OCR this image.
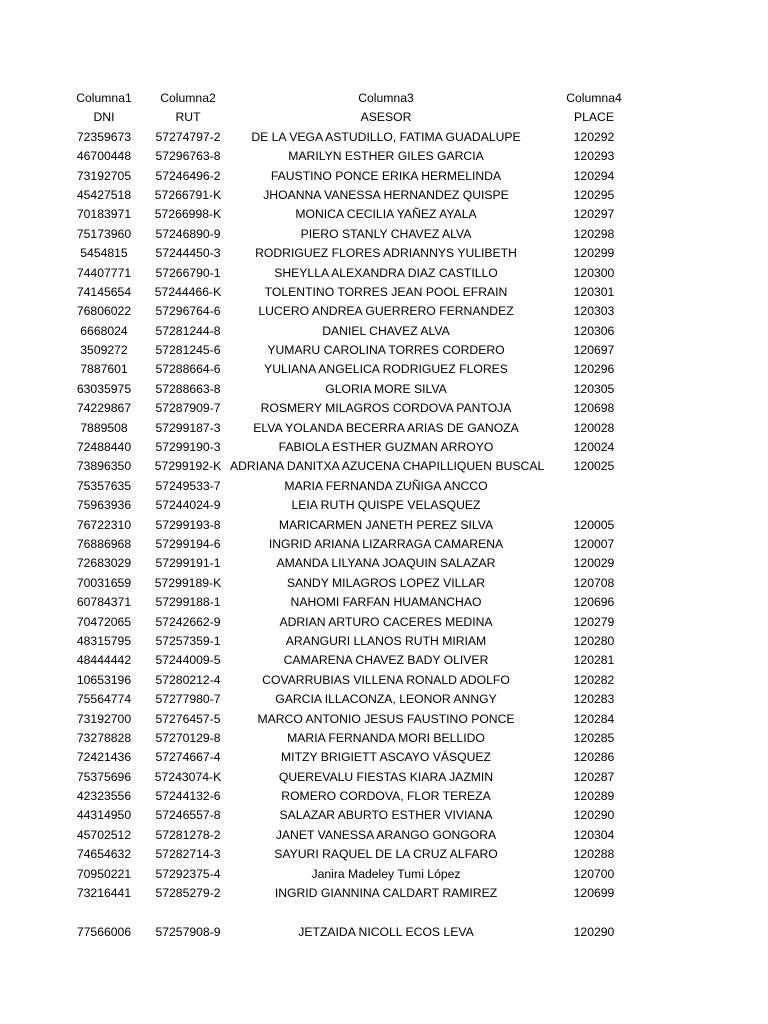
Columna1	Columna2	Columna3	Columna4
DNI	RUT	ASESOR	PLACE
72359673	57274797-2	DE LA VEGA ASTUDILLO, FATIMA GUADALUPE	120292
46700448	57296763-8	MARILYN ESTHER GILES GARCIA	120293
73192705	57246496-2	FAUSTINO PONCE ERIKA HERMELINDA	120294
45427518	57266791-K	JHOANNA VANESSA HERNANDEZ QUISPE	120295
70183971	57266998-K	MONICA CECILIA YAÑEZ AYALA	120297
75173960	57246890-9	PIERO STANLY CHAVEZ ALVA	120298
5454815	57244450-3	RODRIGUEZ FLORES ADRIANNYS YULIBETH	120299
74407771	57266790-1	SHEYLLA ALEXANDRA DIAZ CASTILLO	120300
74145654	57244466-K	TOLENTINO TORRES JEAN POOL EFRAIN	120301
76806022	57296764-6	LUCERO ANDREA GUERRERO FERNANDEZ	120303
6668024	57281244-8	DANIEL CHAVEZ ALVA	120306
3509272	57281245-6	YUMARU CAROLINA TORRES CORDERO	120697
7887601	57288664-6	YULIANA ANGELICA RODRIGUEZ FLORES	120296
63035975	57288663-8	GLORIA MORE SILVA	120305
74229867	57287909-7	ROSMERY MILAGROS CORDOVA PANTOJA	120698
7889508	57299187-3	ELVA YOLANDA BECERRA ARIAS DE GANOZA	120028
72488440	57299190-3	FABIOLA ESTHER GUZMAN ARROYO	120024
73896350	57299192-K ADRIANA DANITXA AZUCENA CHAPILLIQUEN BUSCAL	120025
75357635	57249533-7	MARIA FERNANDA ZUÑIGA ANCCO
75963936	57244024-9	LEIA RUTH QUISPE VELASQUEZ
76722310	57299193-8	MARICARMEN JANETH PEREZ SILVA	120005
76886968	57299194-6	INGRID ARIANA LIZARRAGA CAMARENA	120007
72683029	57299191-1	AMANDA LILYANA JOAQUIN SALAZAR	120029
70031659	57299189-K	SANDY MILAGROS LOPEZ VILLAR	120708
60784371	57299188-1	NAHOMI FARFAN HUAMANCHAO	120696
70472065	57242662-9	ADRIAN ARTURO CACERES MEDINA	120279
48315795	57257359-1	ARANGURI LLANOS RUTH MIRIAM	120280
48444442	57244009-5	CAMARENA CHAVEZ BADY OLIVER	120281
10653196	57280212-4	COVARRUBIAS VILLENA RONALD ADOLFO	120282
75564774	57277980-7	GARCIA ILLACONZA, LEONOR ANNGY	120283
73192700	57276457-5	MARCO ANTONIO JESUS FAUSTINO PONCE	120284
73278828	57270129-8	MARIA FERNANDA MORI BELLIDO	120285
72421436	57274667-4	MITZY BRIGIETT ASCAYO VÁSQUEZ	120286
75375696	57243074-K	QUEREVALU FIESTAS KIARA JAZMIN	120287
42323556	57244132-6	ROMERO CORDOVA, FLOR TEREZA	120289
44314950	57246557-8	SALAZAR ABURTO ESTHER VIVIANA	120290
45702512	57281278-2	JANET VANESSA ARANGO GONGORA	120304
74654632	57282714-3	SAYURI RAQUEL DE LA CRUZ ALFARO	120288
70950221	57292375-4	Janira Madeley Tumi López	120700
73216441	57285279-2	INGRID GIANNINA CALDART RAMIREZ	120699
77566006	57257908-9	JETZAIDA NICOLL ECOS LEVA	120290
